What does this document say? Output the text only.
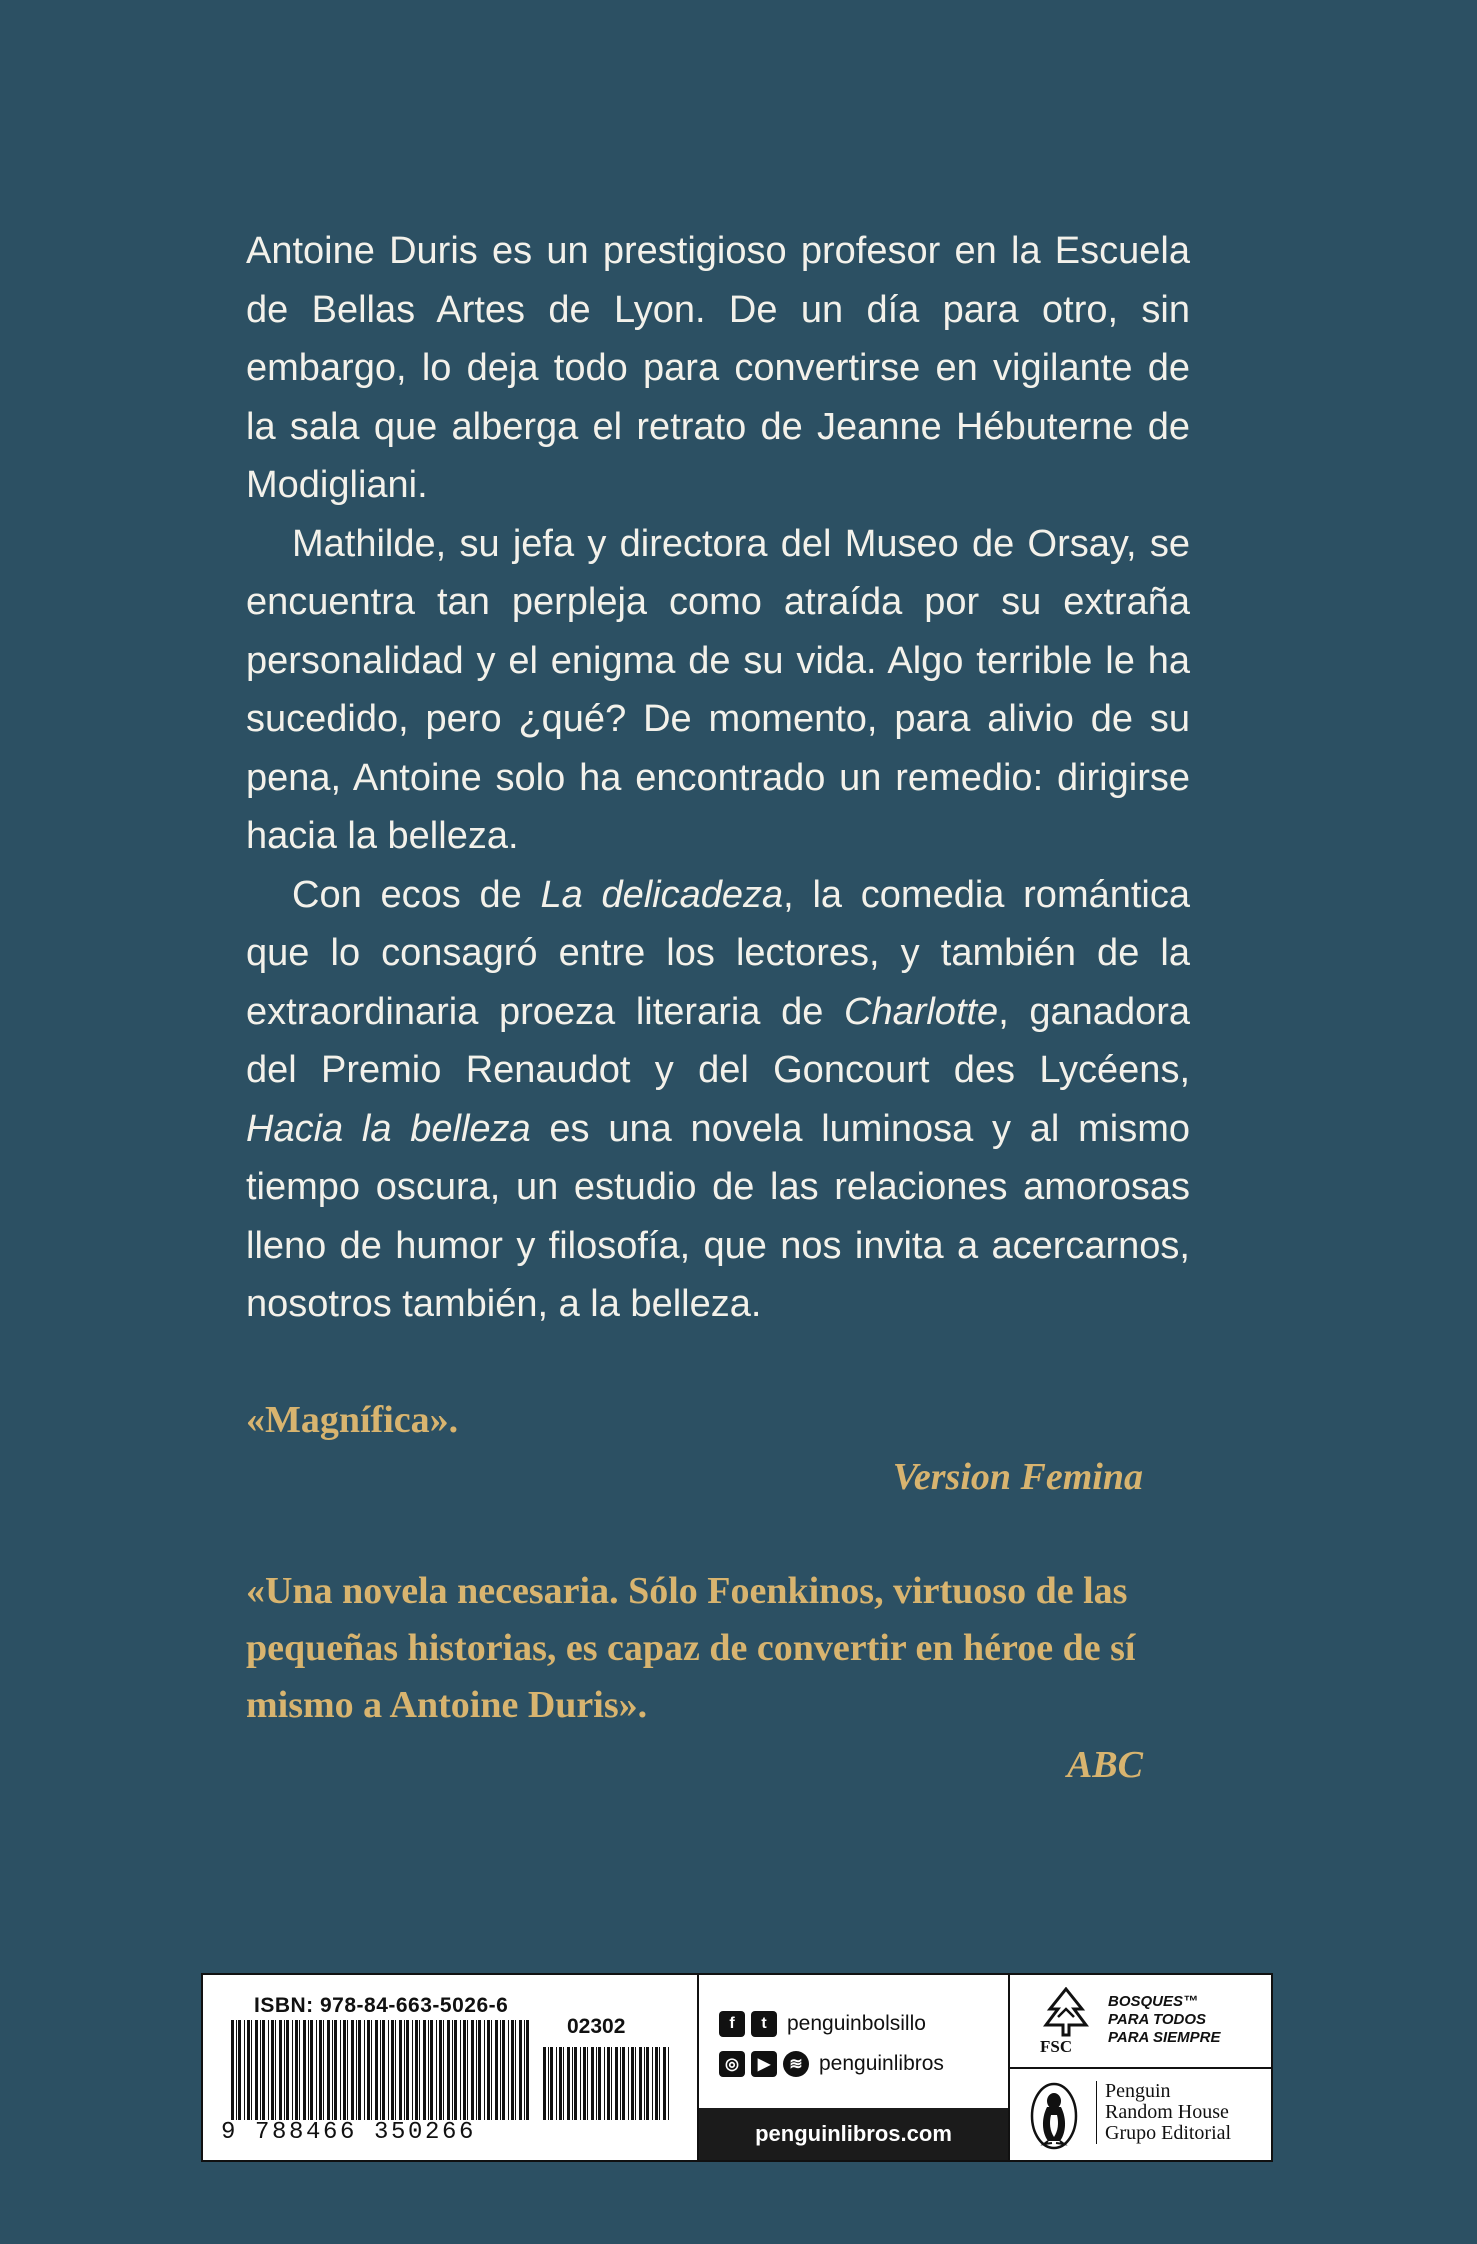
Antoine Duris es un prestigioso profesor en la Escuela de Bellas Artes de Lyon. De un día para otro, sin embargo, lo deja todo para convertirse en vigilante de la sala que alberga el retrato de Jeanne Hébuterne de Modigliani.

Mathilde, su jefa y directora del Museo de Orsay, se encuentra tan perpleja como atraída por su extraña personalidad y el enigma de su vida. Algo terrible le ha sucedido, pero ¿qué? De momento, para alivio de su pena, Antoine solo ha encontrado un remedio: dirigirse hacia la belleza.

Con ecos de La delicadeza, la comedia romántica que lo consagró entre los lectores, y también de la extraordinaria proeza literaria de Charlotte, ganadora del Premio Renaudot y del Goncourt des Lycéens, Hacia la belleza es una novela luminosa y al mismo tiempo oscura, un estudio de las relaciones amorosas lleno de humor y filosofía, que nos invita a acercarnos, nosotros también, a la belleza.

«Magnífica».

Version Femina

«Una novela necesaria. Sólo Foenkinos, virtuoso de las pequeñas historias, es capaz de convertir en héroe de sí mismo a Antoine Duris».

ABC
ISBN: 978-84-663-5026-6
02302
9 788466 350266
f	t penguinbolsillo
◎	▶	≋ penguinlibros
penguinlibros.com
FSC
BOSQUES™
PARA TODOS
PARA SIEMPRE
Penguin
Random House
Grupo Editorial
